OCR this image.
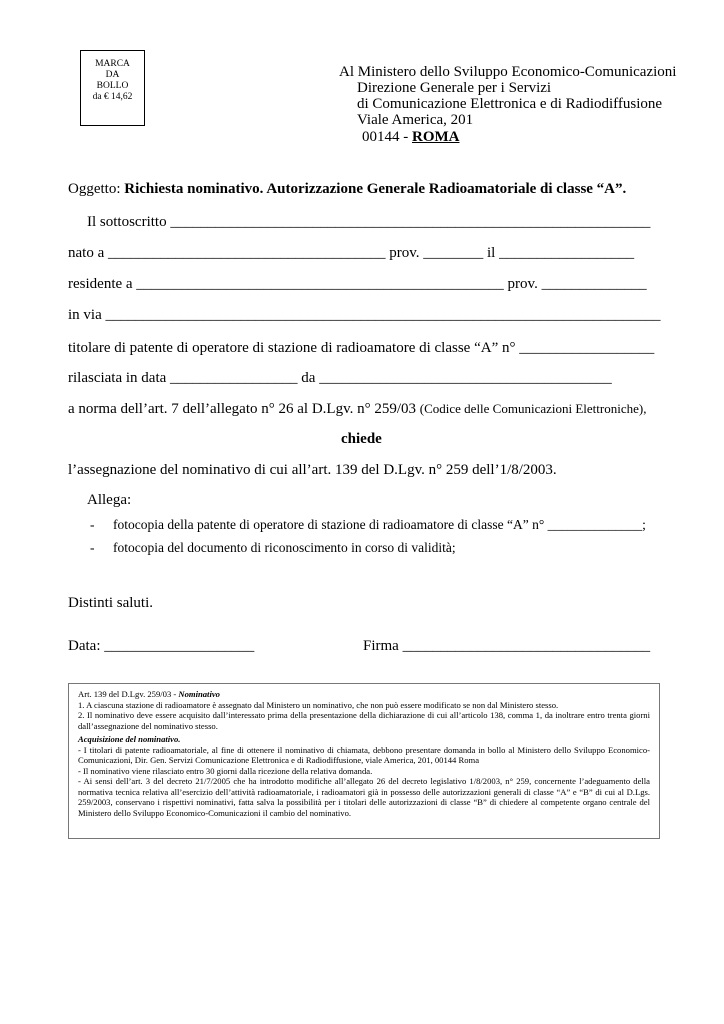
MARCA
DA
BOLLO
da € 14,62
Al Ministero dello Sviluppo Economico-Comunicazioni
Direzione Generale per i Servizi
di Comunicazione Elettronica e di Radiodiffusione
Viale America, 201
00144 - ROMA
Oggetto: Richiesta nominativo. Autorizzazione Generale Radioamatoriale di classe “A”.
Il sottoscritto ________________________________________________________________
nato a _____________________________________ prov. ________ il __________________
residente a _________________________________________________ prov. ______________
in via __________________________________________________________________________
titolare di patente di operatore di stazione di radioamatore di classe “A” n° __________________
rilasciata in data _________________ da _______________________________________
a norma dell’art. 7 dell’allegato n° 26 al D.Lgv. n° 259/03 (Codice delle Comunicazioni Elettroniche),
chiede
l’assegnazione del nominativo di cui all’art. 139 del D.Lgv. n° 259 dell’1/8/2003.
Allega:
- fotocopia della patente di operatore di stazione di radioamatore di classe “A” n° ______________;
- fotocopia del documento di riconoscimento in corso di validità;
Distinti saluti.
Data: ____________________	Firma _________________________________

Art. 139 del D.Lgv. 259/03 - Nominativo

1. A ciascuna stazione di radioamatore è assegnato dal Ministero un nominativo, che non può essere modificato se non dal Ministero stesso.

2. Il nominativo deve essere acquisito dall’interessato prima della presentazione della dichiarazione di cui all’articolo 138, comma 1, da inoltrare entro trenta giorni dall’assegnazione del nominativo stesso.

Acquisizione del nominativo.

- I titolari di patente radioamatoriale, al fine di ottenere il nominativo di chiamata, debbono presentare domanda in bollo al Ministero dello Sviluppo Economico-Comunicazioni, Dir. Gen. Servizi Comunicazione Elettronica e di Radiodiffusione, viale America, 201, 00144 Roma

- Il nominativo viene rilasciato entro 30 giorni dalla ricezione della relativa domanda.

- Ai sensi dell’art. 3 del decreto 21/7/2005 che ha introdotto modifiche all’allegato 26 del decreto legislativo 1/8/2003, n° 259, concernente l’adeguamento della normativa tecnica relativa all’esercizio dell’attività radioamatoriale, i radioamatori già in possesso delle autorizzazioni generali di classe “A” e “B” di cui al D.Lgs. 259/2003, conservano i rispettivi nominativi, fatta salva la possibilità per i titolari delle autorizzazioni di classe “B” di chiedere al competente organo centrale del Ministero dello Sviluppo Economico-Comunicazioni il cambio del nominativo.
